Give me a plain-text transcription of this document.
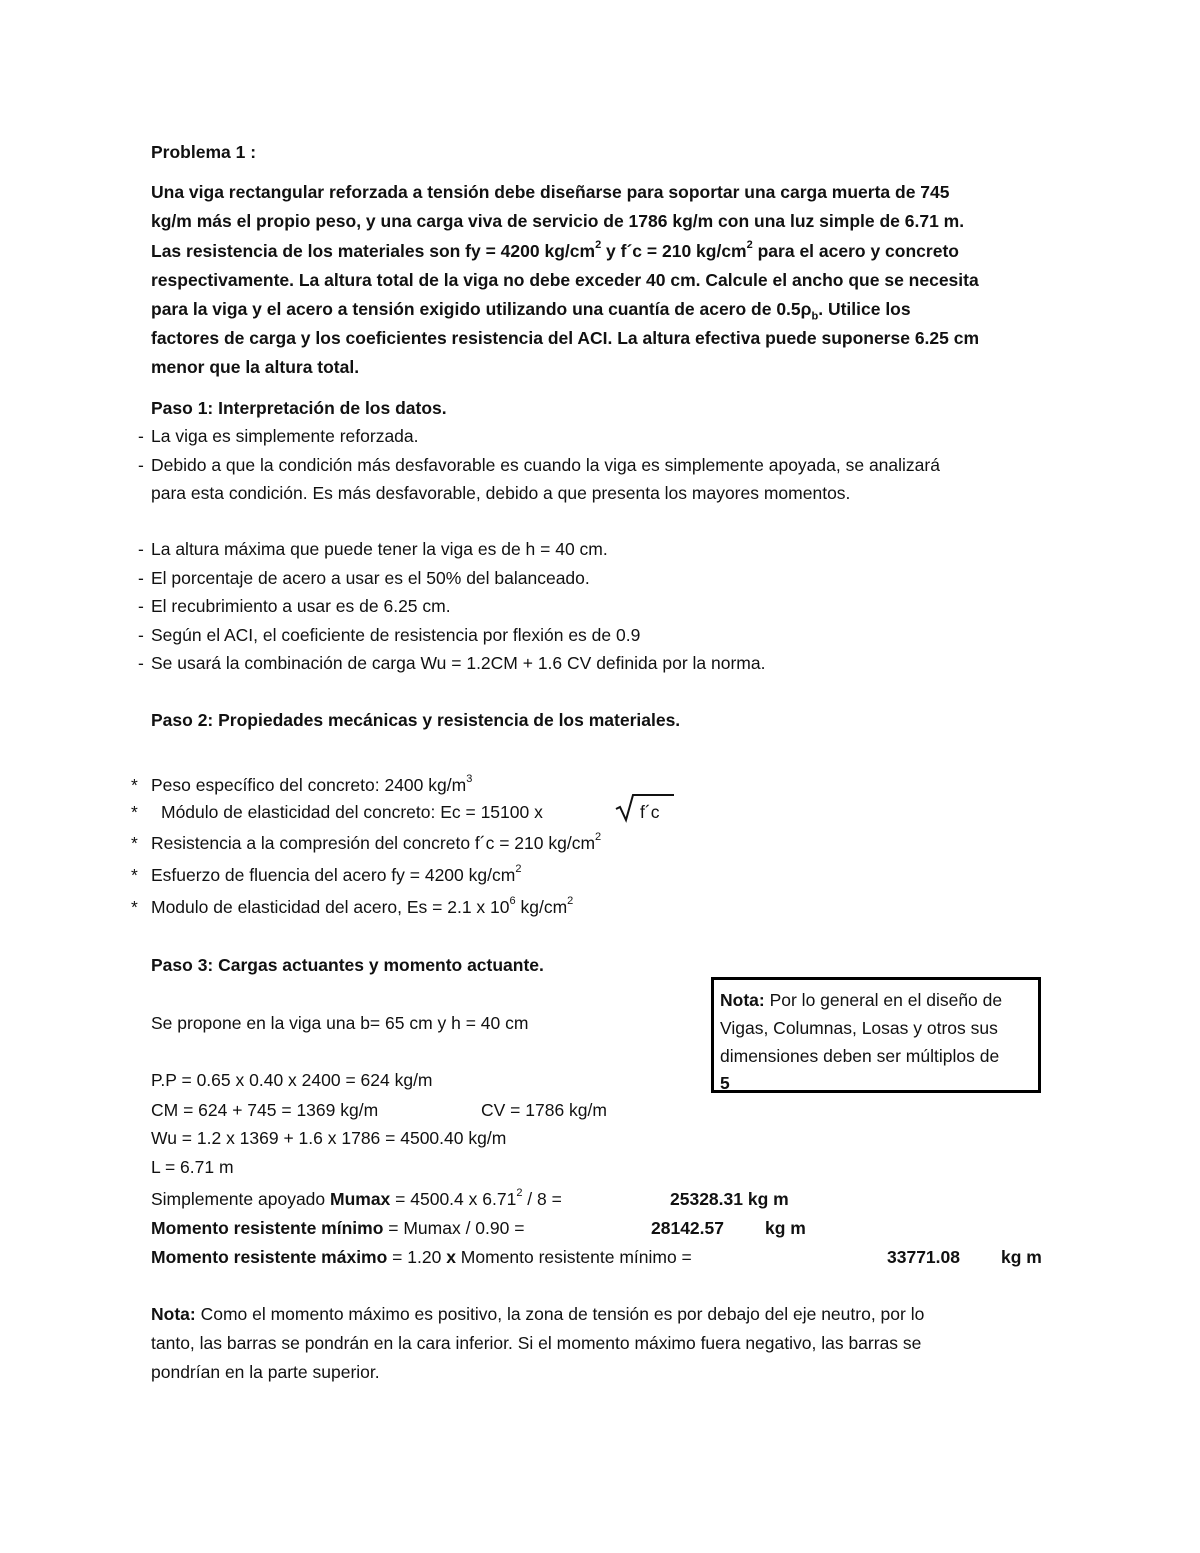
Problema 1 :
Una viga rectangular reforzada a tensión debe diseñarse para soportar una carga muerta de 745
kg/m más el propio peso, y una carga viva de servicio de 1786 kg/m con una luz simple de 6.71 m.
Las resistencia de los materiales son fy = 4200 $kg/cm^2$ y f´c = 210 $kg/cm^2$ para el acero y concreto
respectivamente. La altura total de la viga no debe exceder 40 cm. Calcule el ancho que se necesita
para la viga y el acero a tensión exigido utilizando una cuantía de acero de $0.5\rho_b$. Utilice los
factores de carga y los coeficientes resistencia del ACI. La altura efectiva puede suponerse 6.25 cm
menor que la altura total.
Paso 1: Interpretación de los datos.
- La viga es simplemente reforzada.
- Debido a que la condición más desfavorable es cuando la viga es simplemente apoyada, se analizará
para esta condición. Es más desfavorable, debido a que presenta los mayores momentos.
- La altura máxima que puede tener la viga es de h = 40 cm.
- El porcentaje de acero a usar es el 50% del balanceado.
- El recubrimiento a usar es de 6.25 cm.
- Según el ACI, el coeficiente de resistencia por flexión es de 0.9
- Se usará la combinación de carga Wu = 1.2CM + 1.6 CV definida por la norma.
Paso 2: Propiedades mecánicas y resistencia de los materiales.
* Peso específico del concreto: 2400 $kg/m^3$
* Módulo de elasticidad del concreto: Ec = 15100 x	f´c
* Resistencia a la compresión del concreto f´c = 210 $kg/cm^2$
* Esfuerzo de fluencia del acero fy = 4200 $kg/cm^2$
* Modulo de elasticidad del acero, Es = 2.1 x $10^6$ $kg/cm^2$
Paso 3: Cargas actuantes y momento actuante.
Se propone en la viga una b= 65 cm y h = 40 cm
P.P = 0.65 x 0.40 x 2400 = 624 kg/m
CM = 624 + 745 = 1369 kg/m	CV = 1786 kg/m
Wu = 1.2 x 1369 + 1.6 x 1786 = 4500.40 kg/m
L = 6.71 m
Simplemente apoyado Mumax = 4500.4 x 6.71$^2$ / 8 =	25328.31 kg m
Momento resistente mínimo = Mumax / 0.90 =	28142.57 kg m
Momento resistente máximo = 1.20 x Momento resistente mínimo =	33771.08 kg m
Nota: Por lo general en el diseño de
Vigas, Columnas, Losas y otros sus
dimensiones deben ser múltiplos de
5
Nota: Como el momento máximo es positivo, la zona de tensión es por debajo del eje neutro, por lo
tanto, las barras se pondrán en la cara inferior. Si el momento máximo fuera negativo, las barras se
pondrían en la parte superior.
